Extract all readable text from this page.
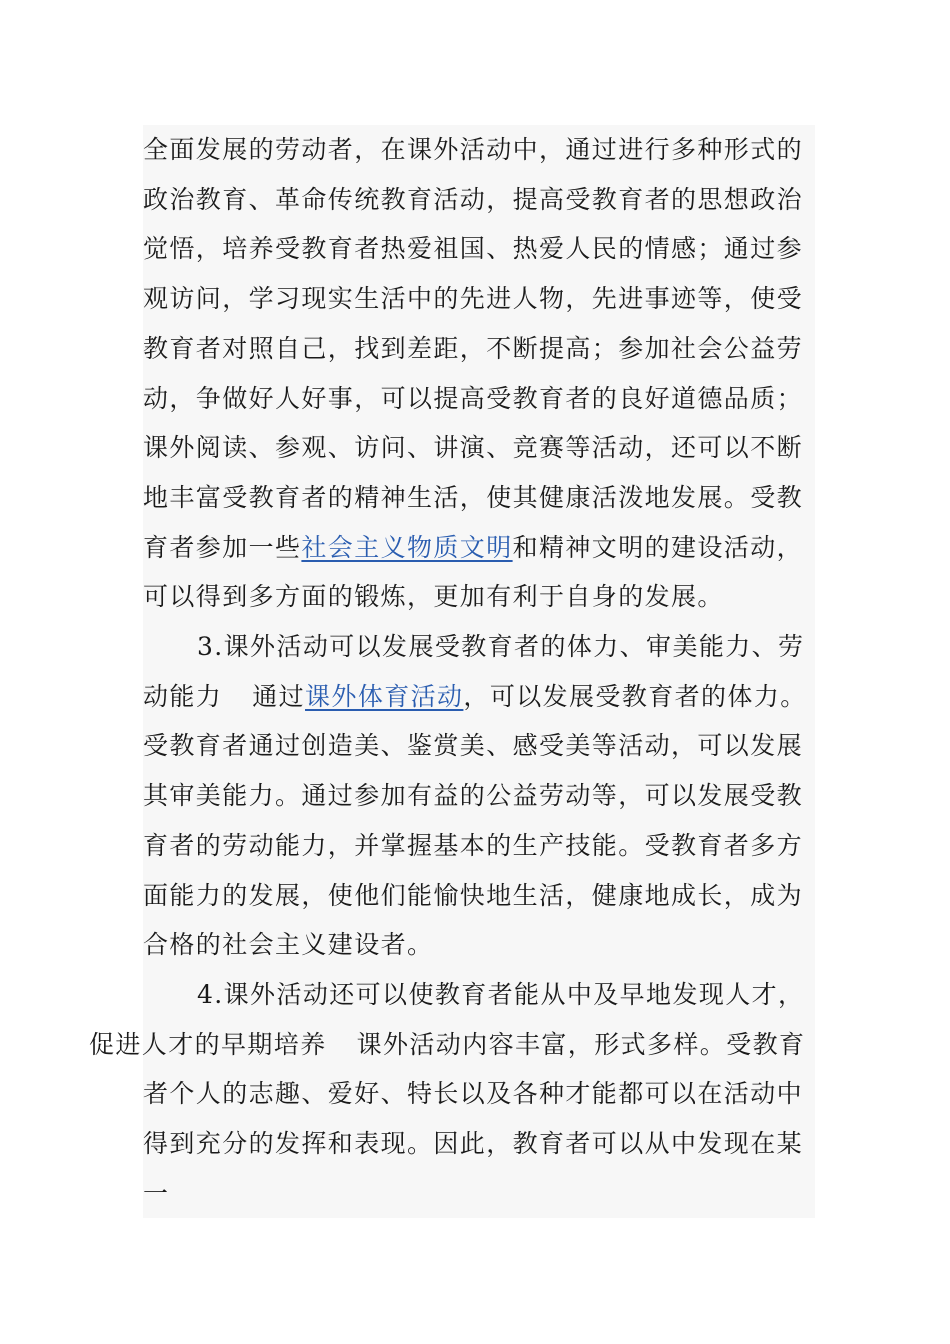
全面发展的劳动者，在课外活动中，通过进行多种形式的政治教育、革命传统教育活动，提高受教育者的思想政治觉悟，培养受教育者热爱祖国、热爱人民的情感；通过参观访问，学习现实生活中的先进人物，先进事迹等，使受教育者对照自己，找到差距，不断提高；参加社会公益劳动，争做好人好事，可以提高受教育者的良好道德品质；课外阅读、参观、访问、讲演、竞赛等活动，还可以不断地丰富受教育者的精神生活，使其健康活泼地发展。受教育者参加一些社会主义物质文明和精神文明的建设活动，可以得到多方面的锻炼，更加有利于自身的发展。

3.课外活动可以发展受教育者的体力、审美能力、劳动能力 通过课外体育活动，可以发展受教育者的体力。受教育者通过创造美、鉴赏美、感受美等活动，可以发展其审美能力。通过参加有益的公益劳动等，可以发展受教育者的劳动能力，并掌握基本的生产技能。受教育者多方面能力的发展，使他们能愉快地生活，健康地成长，成为合格的社会主义建设者。

4.课外活动还可以使教育者能从中及早地发现人才，
促进人才的早期培养 课外活动内容丰富，形式多样。受教育者个人的志趣、爱好、特长以及各种才能都可以在活动中得到充分的发挥和表现。因此，教育者可以从中发现在某一
